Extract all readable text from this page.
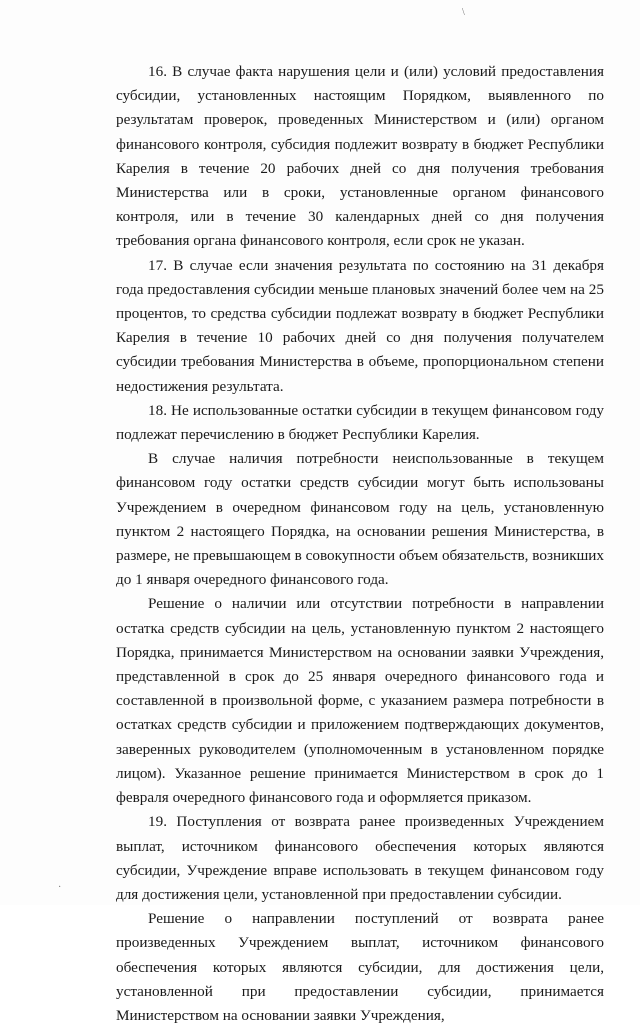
\

16. В случае факта нарушения цели и (или) условий предоставления субсидии, установленных настоящим Порядком, выявленного по результатам проверок, проведенных Министерством и (или) органом финансового контроля, субсидия подлежит возврату в бюджет Республики Карелия в течение 20 рабочих дней со дня получения требования Министерства или в сроки, установленные органом финансового контроля, или в течение 30 календарных дней со дня получения требования органа финансового контроля, если срок не указан.

17. В случае если значения результата по состоянию на 31 декабря года предоставления субсидии меньше плановых значений более чем на 25 процентов, то средства субсидии подлежат возврату в бюджет Республики Карелия в течение 10 рабочих дней со дня получения получателем субсидии требования Министерства в объеме, пропорциональном степени недостижения результата.

18. Не использованные остатки субсидии в текущем финансовом году подлежат перечислению в бюджет Республики Карелия.

В случае наличия потребности неиспользованные в текущем финансовом году остатки средств субсидии могут быть использованы Учреждением в очередном финансовом году на цель, установленную пунктом 2 настоящего Порядка, на основании решения Министерства, в размере, не превышающем в совокупности объем обязательств, возникших до 1 января очередного финансового года.

Решение о наличии или отсутствии потребности в направлении остатка средств субсидии на цель, установленную пунктом 2 настоящего Порядка, принимается Министерством на основании заявки Учреждения, представленной в срок до 25 января очередного финансового года и составленной в произвольной форме, с указанием размера потребности в остатках средств субсидии и приложением подтверждающих документов, заверенных руководителем (уполномоченным в установленном порядке лицом). Указанное решение принимается Министерством в срок до 1 февраля очередного финансового года и оформляется приказом.

19. Поступления от возврата ранее произведенных Учреждением выплат, источником финансового обеспечения которых являются субсидии, Учреждение вправе использовать в текущем финансовом году для достижения цели, установленной при предоставлении субсидии.

Решение о направлении поступлений от возврата ранее произведенных Учреждением выплат, источником финансового обеспечения которых являются субсидии, для достижения цели, установленной при предоставлении субсидии, принимается Министерством на основании заявки Учреждения,

·
